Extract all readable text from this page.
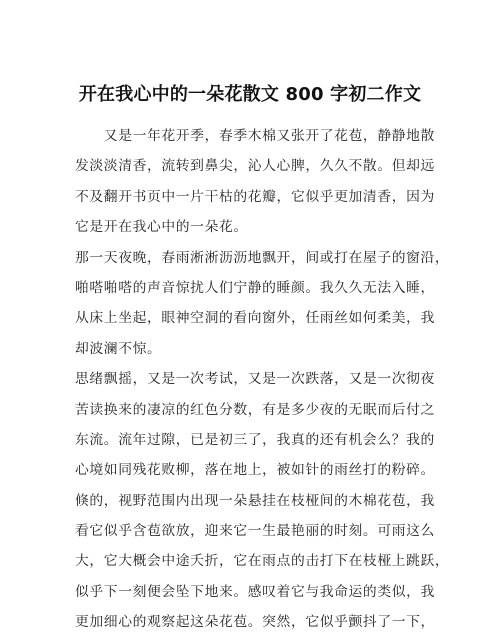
开在我心中的一朵花散文 800 字初二作文
　　又是一年花开季，春季木棉又张开了花苞，静静地散
发淡淡清香，流转到鼻尖，沁人心脾，久久不散。但却远
不及翻开书页中一片干枯的花瓣，它似乎更加清香，因为
它是开在我心中的一朵花。
那一天夜晚，春雨淅淅沥沥地飘开，间或打在屋子的窗沿，
啪嗒啪嗒的声音惊扰人们宁静的睡颜。我久久无法入睡，
从床上坐起，眼神空洞的看向窗外，任雨丝如何柔美，我
却波澜不惊。
思绪飘摇，又是一次考试，又是一次跌落，又是一次彻夜
苦读换来的凄凉的红色分数，有是多少夜的无眠而后付之
东流。流年过隙，已是初三了，我真的还有机会么？我的
心境如同残花败柳，落在地上，被如针的雨丝打的粉碎。
倏的，视野范围内出现一朵悬挂在枝桠间的木棉花苞，我
看它似乎含苞欲放，迎来它一生最艳丽的时刻。可雨这么
大，它大概会中途夭折，它在雨点的击打下在枝桠上跳跃，
似乎下一刻便会坠下地来。感叹着它与我命运的类似，我
更加细心的观察起这朵花苞。突然，它似乎颤抖了一下，
